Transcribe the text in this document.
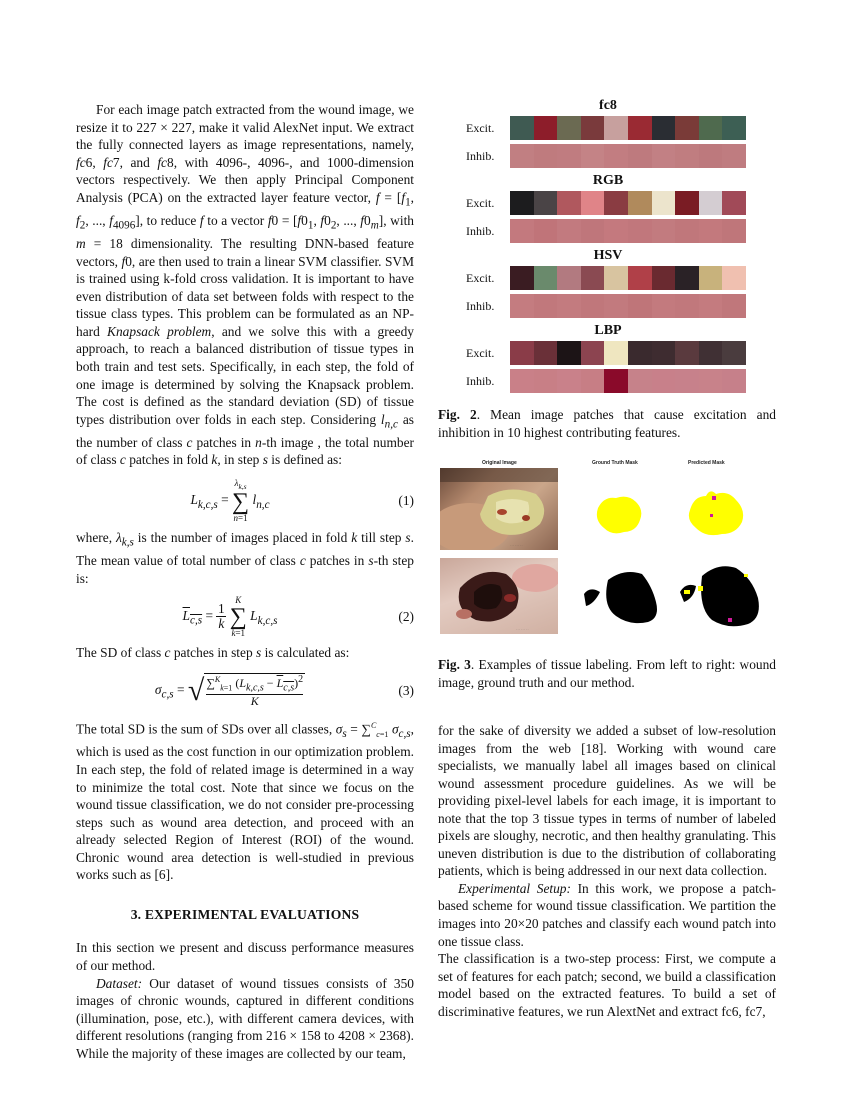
For each image patch extracted from the wound image, we resize it to 227 × 227, make it valid AlexNet input. We extract the fully connected layers as image representations, namely, fc6, fc7, and fc8, with 4096-, 4096-, and 1000-dimension vectors respectively. We then apply Principal Component Analysis (PCA) on the extracted layer feature vector, $f = [f_1$, $f_2$, ..., $f_{4096}$], to reduce f to a vector $f0 = [f0_1$, $f0_2$, ..., $f0_m$], with m = 18 dimensionality. The resulting DNN-based feature vectors, f0, are then used to train a linear SVM classifier. SVM is trained using k-fold cross validation. It is important to have even distribution of data set between folds with respect to the tissue class types. This problem can be formulated as an NP-hard Knapsack problem, and we solve this with a greedy approach, to reach a balanced distribution of tissue types in both train and test sets. Specifically, in each step, the fold of one image is determined by solving the Knapsack problem. The cost is defined as the standard deviation (SD) of tissue types distribution over folds in each step. Considering $l_{n,c}$ as the number of class c patches in n-th image , the total number of class c patches in fold k, in step s is defined as:

$L_{k,c,s}$ =
$\lambda_{k,s}$
∑
n=1
$l_{n,c}$	(1)

where, $\lambda_{k,s}$ is the number of images placed in fold k till step s. The mean value of total number of class c patches in s-th step is:

$L_{c,s} = \frac{1}{k}$

K
∑
k=1
$L_{k,c,s}$	(2)

The SD of class c patches in step s is calculated as:

$\sigma_{c,s}$ = √ $\frac{\sum^K_{k=1} (L_{k,c,s} - L_{c,s})^2}{K}$	(3)

The total SD is the sum of SDs over all classes, $\sigma_s = \sum^C_{c=1}$ $\sigma_{c,s}$, which is used as the cost function in our optimization problem. In each step, the fold of related image is determined in a way to minimize the total cost. Note that since we focus on the wound tissue classification, we do not consider pre-processing steps such as wound area detection, and proceed with an already selected Region of Interest (ROI) of the wound. Chronic wound area detection is well-studied in previous works such as [6].

3. EXPERIMENTAL EVALUATIONS

In this section we present and discuss performance measures of our method.

Dataset: Our dataset of wound tissues consists of 350 images of chronic wounds, captured in different conditions (illumination, pose, etc.), with different camera devices, with different resolutions (ranging from 216 × 158 to 4208 × 2368). While the majority of these images are collected by our team,

fc8
Excit.
Inhib.
RGB
Excit.
Inhib.
HSV
Excit.
Inhib.
LBP
Excit.
Inhib.
Fig. 2. Mean image patches that cause excitation and inhibition in 10 highest contributing features.
Original Image	Ground Truth Mask	Predicted Mask
. . . . . . . .
. . . . . . . .
Fig. 3. Examples of tissue labeling. From left to right: wound image, ground truth and our method.

for the sake of diversity we added a subset of low-resolution images from the web [18]. Working with wound care specialists, we manually label all images based on clinical wound assessment procedure guidelines. As we will be providing pixel-level labels for each image, it is important to note that the top 3 tissue types in terms of number of labeled pixels are sloughy, necrotic, and then healthy granulating. This uneven distribution is due to the distribution of collaborating patients, which is being addressed in our next data collection.

Experimental Setup: In this work, we propose a patch-based scheme for wound tissue classification. We partition the images into 20×20 patches and classify each wound patch into one tissue class.

The classification is a two-step process: First, we compute a set of features for each patch; second, we build a classification model based on the extracted features. To build a set of discriminative features, we run AlextNet and extract fc6, fc7,
